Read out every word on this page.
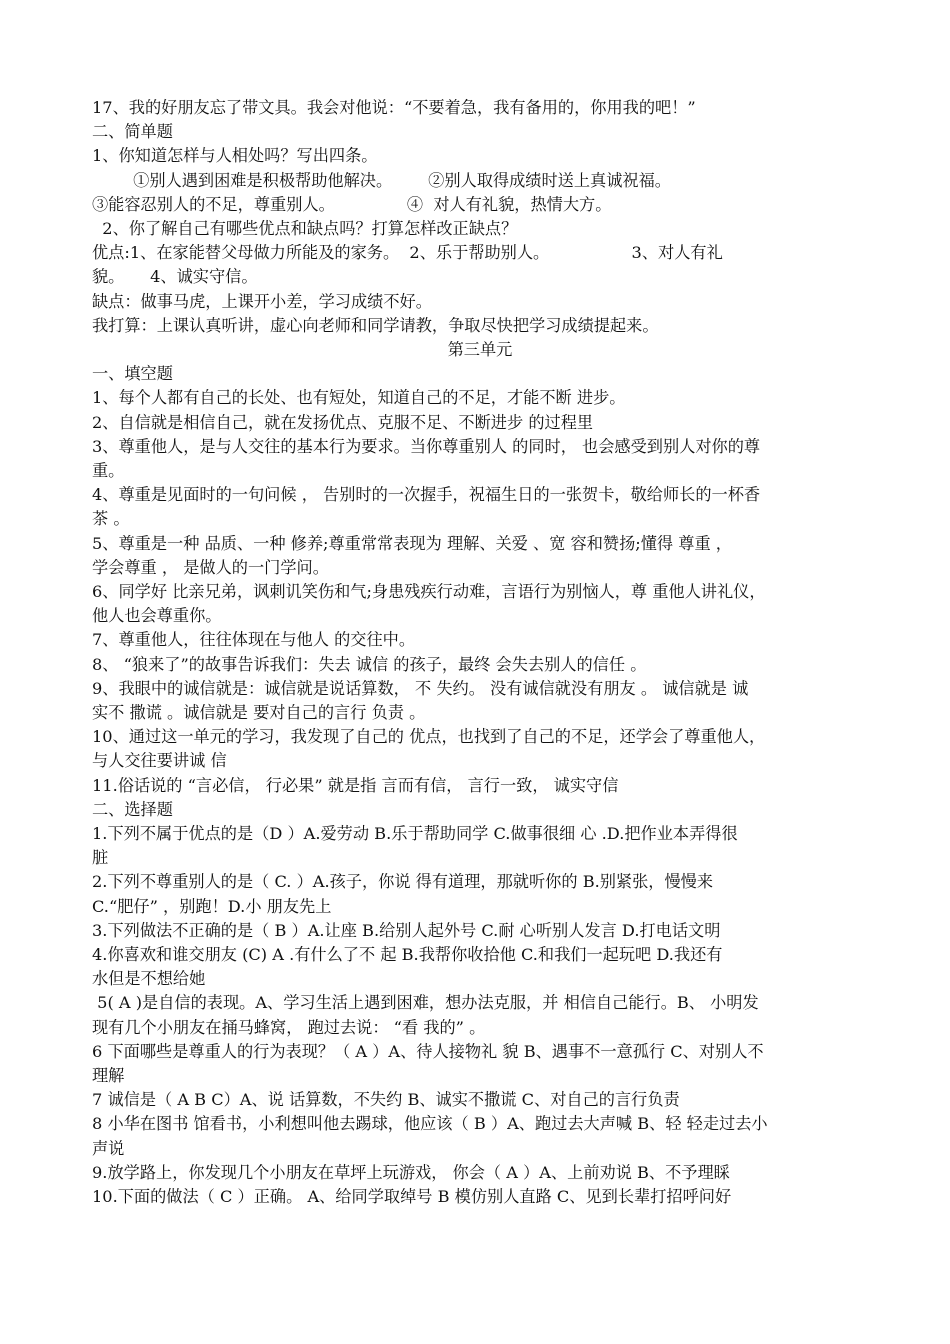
17、我的好朋友忘了带文具。我会对他说：“不要着急，我有备用的，你用我的吧！”
二、简单题
1、你知道怎样与人相处吗？写出四条。
①别人遇到困难是积极帮助他解决。       ②别人取得成绩时送上真诚祝福。
③能容忍别人的不足，尊重别人。              ④  对人有礼貌，热情大方。
2、你了解自己有哪些优点和缺点吗？打算怎样改正缺点？
优点:1、在家能替父母做力所能及的家务。  2、乐于帮助别人。                3、对人有礼
貌。     4、诚实守信。
缺点：做事马虎，上课开小差，学习成绩不好。
我打算：上课认真听讲，虚心向老师和同学请教，争取尽快把学习成绩提起来。
第三单元
一、填空题
1、每个人都有自己的长处、也有短处，知道自己的不足，才能不断 进步。
2、自信就是相信自己，就在发扬优点、克服不足、不断进步 的过程里
3、尊重他人，是与人交往的基本行为要求。当你尊重别人 的同时， 也会感受到别人对你的尊
重。
4、尊重是见面时的一句问候 ， 告别时的一次握手，祝福生日的一张贺卡，敬给师长的一杯香
茶 。
5、尊重是一种 品质、一种 修养;尊重常常表现为 理解、关爱 、宽 容和赞扬;懂得 尊重 ，
学会尊重 ， 是做人的一门学问。
6、同学好 比亲兄弟，讽刺讥笑伤和气;身患残疾行动难，言语行为别恼人，尊 重他人讲礼仪，
他人也会尊重你。
7、尊重他人，往往体现在与他人 的交往中。
8、 “狼来了”的故事告诉我们：失去 诚信 的孩子，最终 会失去别人的信任 。
9、我眼中的诚信就是：诚信就是说话算数， 不 失约。 没有诚信就没有朋友 。 诚信就是 诚
实不 撒谎 。诚信就是 要对自己的言行 负责 。
10、通过这一单元的学习，我发现了自己的 优点，也找到了自己的不足，还学会了尊重他人，
与人交往要讲诚 信
11.俗话说的 “言必信， 行必果” 就是指 言而有信， 言行一致， 诚实守信
二、选择题
1.下列不属于优点的是（D ）A.爱劳动 B.乐于帮助同学 C.做事很细 心 .D.把作业本弄得很
脏
2.下列不尊重别人的是（ C. ）A.孩子，你说 得有道理，那就听你的 B.别紧张，慢慢来
C.“肥仔” ，别跑！D.小 朋友先上
3.下列做法不正确的是（ B ）A.让座 B.给别人起外号 C.耐 心听别人发言 D.打电话文明
4.你喜欢和谁交朋友 (C) A .有什么了不 起 B.我帮你收拾他 C.和我们一起玩吧 D.我还有
水但是不想给她
5( A )是自信的表现。A、学习生活上遇到困难，想办法克服，并 相信自己能行。B、 小明发
现有几个小朋友在捅马蜂窝， 跑过去说： “看 我的” 。
6 下面哪些是尊重人的行为表现？（ A ）A、待人接物礼 貌 B、遇事不一意孤行 C、对别人不
理解
7 诚信是（ A B C）A、说 话算数，不失约 B、诚实不撒谎 C、对自己的言行负责
8 小华在图书 馆看书，小利想叫他去踢球，他应该（ B ）A、跑过去大声喊 B、轻 轻走过去小
声说
9.放学路上，你发现几个小朋友在草坪上玩游戏， 你会（ A ）A、上前劝说 B、不予理睬
10.下面的做法（ C ）正确。 A、给同学取绰号 B 模仿别人直路 C、见到长辈打招呼问好
